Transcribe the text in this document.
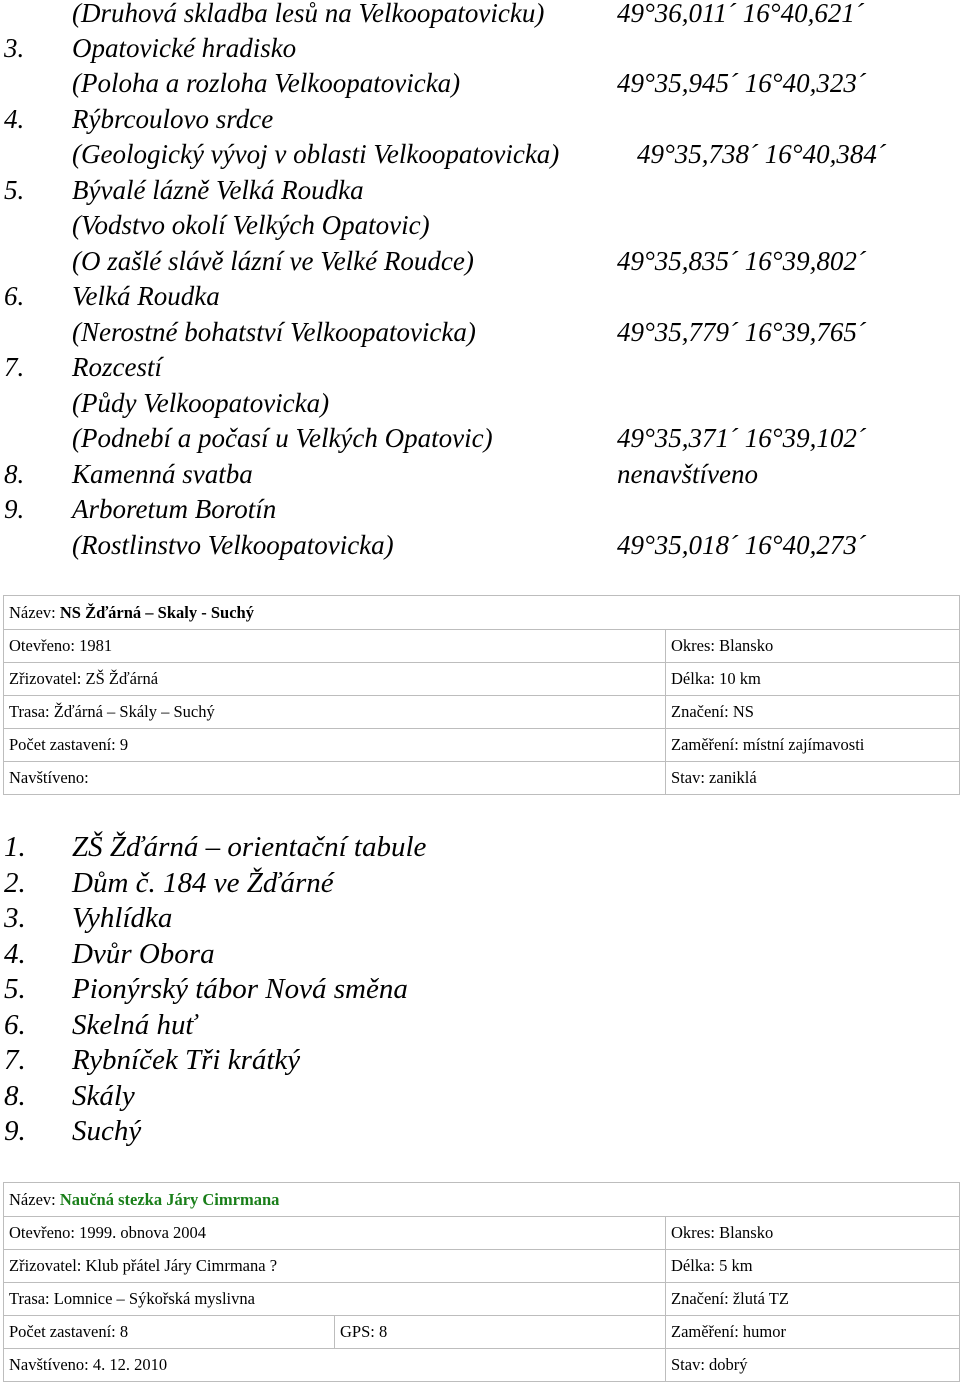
(Druhová skladba lesů na Velkoopatovicku)	49°36,011´ 16°40,621´
3. Opatovické hradisko
(Poloha a rozloha Velkoopatovicka)	49°35,945´ 16°40,323´
4. Rýbrcoulovo srdce
(Geologický vývoj v oblasti Velkoopatovicka)	49°35,738´ 16°40,384´
5. Bývalé lázně Velká Roudka
(Vodstvo okolí Velkých Opatovic)
(O zašlé slávě lázní ve Velké Roudce)	49°35,835´ 16°39,802´
6. Velká Roudka
(Nerostné bohatství Velkoopatovicka)	49°35,779´ 16°39,765´
7. Rozcestí
(Půdy Velkoopatovicka)
(Podnebí a počasí u Velkých Opatovic)	49°35,371´ 16°39,102´
8. Kamenná svatba	nenavštíveno
9. Arboretum Borotín
(Rostlinstvo Velkoopatovicka)	49°35,018´ 16°40,273´
Název: NS Žďárná – Skaly - Suchý	
Otevřeno: 1981	Okres: Blansko
Zřizovatel: ZŠ Žďárná	Délka: 10 km
Trasa: Žďárná – Skály – Suchý	Značení: NS
Počet zastavení: 9	Zaměření: místní zajímavosti
Navštíveno:	Stav: zaniklá
1. ZŠ Žďárná – orientační tabule
2. Dům č. 184 ve Žďárné
3. Vyhlídka
4. Dvůr Obora
5. Pionýrský tábor Nová směna
6. Skelná huť
7. Rybníček Tři krátký
8. Skály
9. Suchý
Název: Naučná stezka Járy Cimrmana		
Otevřeno: 1999. obnova 2004		Okres: Blansko
Zřizovatel: Klub přátel Járy Cimrmana ?		Délka: 5 km
Trasa: Lomnice – Sýkořská myslivna		Značení: žlutá TZ
Počet zastavení: 8	GPS: 8	Zaměření: humor
Navštíveno: 4. 12. 2010		Stav: dobrý
